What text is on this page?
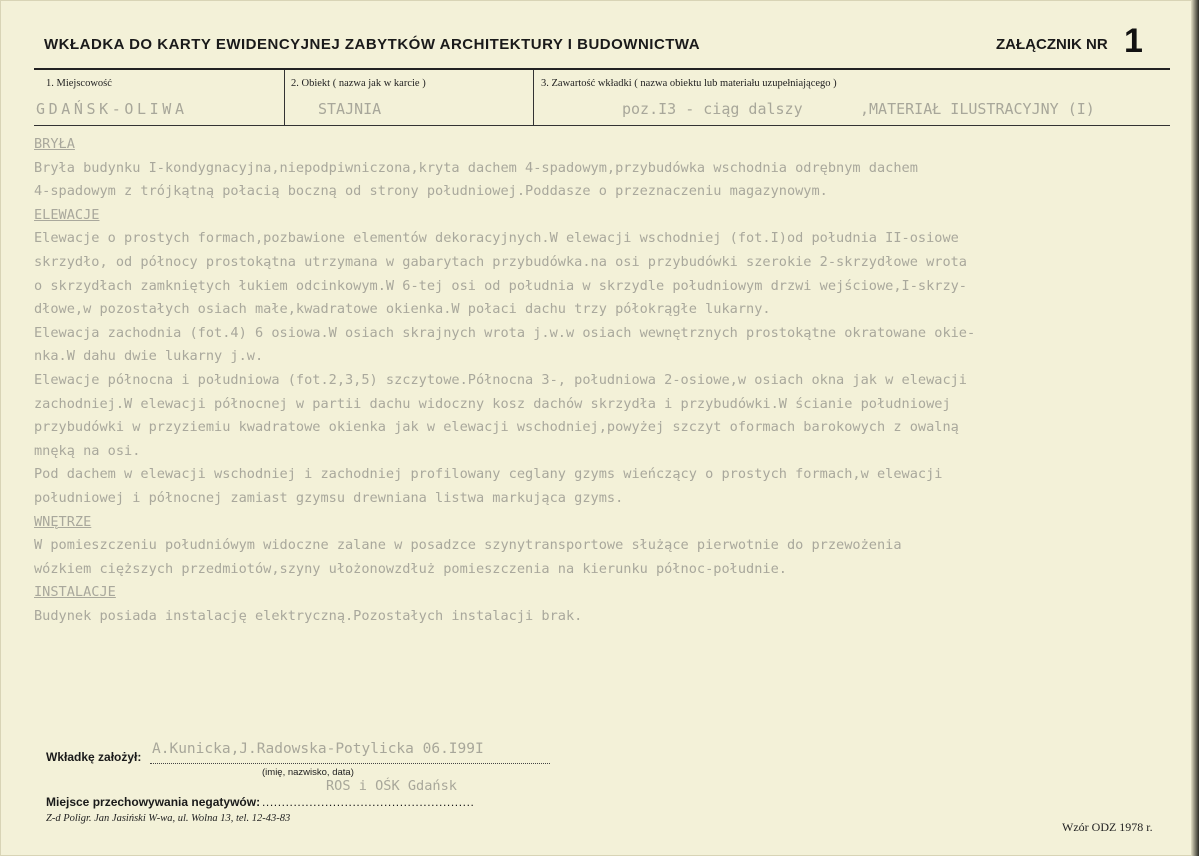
WKŁADKA DO KARTY EWIDENCYJNEJ ZABYTKÓW ARCHITEKTURY I BUDOWNICTWA	ZAŁĄCZNIK NR 1
1. Miejscowość	2. Obiekt ( nazwa jak w karcie )	3. Zawartość wkładki ( nazwa obiektu lub materiału uzupełniającego )
GDAŃSK-OLIWA	STAJNIA	poz.I3 - ciąg dalszy	,MATERIAŁ ILUSTRACYJNY (I)
BRYŁA
Bryła budynku I-kondygnacyjna,niepodpiwniczona,kryta dachem 4-spadowym,przybudówka wschodnia odrębnym dachem
4-spadowym z trójkątną połacią boczną od strony południowej.Poddasze o przeznaczeniu magazynowym.
ELEWACJE
Elewacje o prostych formach,pozbawione elementów dekoracyjnych.W elewacji wschodniej (fot.I)od południa II-osiowe
skrzydło, od północy prostokątna utrzymana w gabarytach przybudówka.na osi przybudówki szerokie 2-skrzydłowe wrota
o skrzydłach zamkniętych łukiem odcinkowym.W 6-tej osi od południa w skrzydle południowym drzwi wejściowe,I-skrzy-
dłowe,w pozostałych osiach małe,kwadratowe okienka.W połaci dachu trzy półokrągłe lukarny.
Elewacja zachodnia (fot.4) 6 osiowa.W osiach skrajnych wrota j.w.w osiach wewnętrznych prostokątne okratowane okie-
nka.W dahu dwie lukarny j.w.
Elewacje północna i południowa (fot.2,3,5) szczytowe.Północna 3-, południowa 2-osiowe,w osiach okna jak w elewacji
zachodniej.W elewacji północnej w partii dachu widoczny kosz dachów skrzydła i przybudówki.W ścianie południowej
przybudówki w przyziemiu kwadratowe okienka jak w elewacji wschodniej,powyżej szczyt oformach barokowych z owalną
mnęką na osi.
Pod dachem w elewacji wschodniej i zachodniej profilowany ceglany gzyms wieńczący o prostych formach,w elewacji
południowej i północnej zamiast gzymsu drewniana listwa markująca gzyms.
WNĘTRZE
W pomieszczeniu południówym widoczne zalane w posadzce szynytransportowe służące pierwotnie do przewożenia
wózkiem cięższych przedmiotów,szyny ułożonowzdłuż pomieszczenia na kierunku północ-południe.
INSTALACJE
Budynek posiada instalację elektryczną.Pozostałych instalacji brak.
Wkładkę założył: A.Kunicka,J.Radowska-Potylicka 06.I99I
(imię, nazwisko, data)
ROS i OŚK Gdańsk
Miejsce przechowywania negatywów: ......................................................
Z-d Poligr. Jan Jasiński W-wa, ul. Wolna 13, tel. 12-43-83
Wzór ODZ 1978 r.
